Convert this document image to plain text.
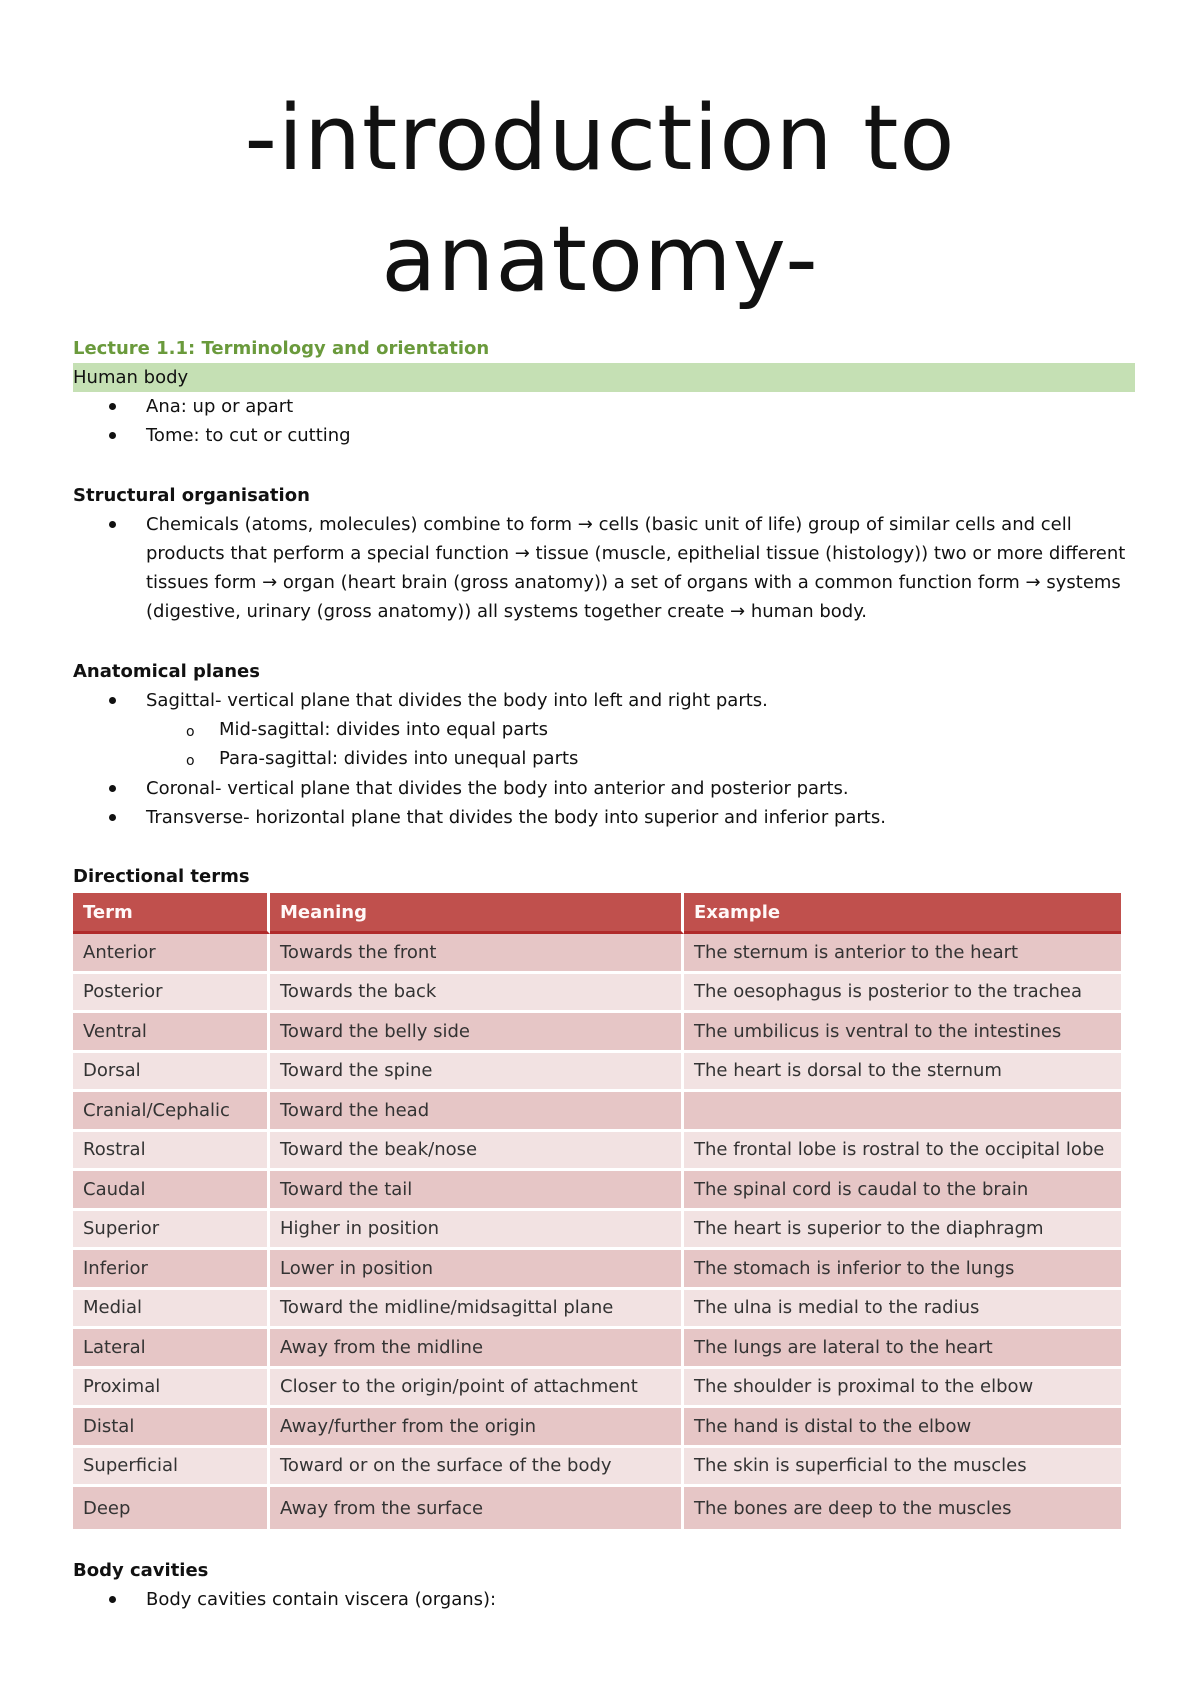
-introduction to
anatomy-
Lecture 1.1: Terminology and orientation
Human body
Ana: up or apart
Tome: to cut or cutting
Structural organisation
Chemicals (atoms, molecules) combine to form → cells (basic unit of life) group of similar cells and cell products that perform a special function → tissue (muscle, epithelial tissue (histology)) two or more different tissues form → organ (heart brain (gross anatomy)) a set of organs with a common function form → systems (digestive, urinary (gross anatomy)) all systems together create → human body.
Anatomical planes
Sagittal- vertical plane that divides the body into left and right parts.
o Mid-sagittal: divides into equal parts
o Para-sagittal: divides into unequal parts
Coronal- vertical plane that divides the body into anterior and posterior parts.
Transverse- horizontal plane that divides the body into superior and inferior parts.
Directional terms
Term	Meaning	Example
Anterior	Towards the front	The sternum is anterior to the heart
Posterior	Towards the back	The oesophagus is posterior to the trachea
Ventral	Toward the belly side	The umbilicus is ventral to the intestines
Dorsal	Toward the spine	The heart is dorsal to the sternum
Cranial/Cephalic	Toward the head	
Rostral	Toward the beak/nose	The frontal lobe is rostral to the occipital lobe
Caudal	Toward the tail	The spinal cord is caudal to the brain
Superior	Higher in position	The heart is superior to the diaphragm
Inferior	Lower in position	The stomach is inferior to the lungs
Medial	Toward the midline/midsagittal plane	The ulna is medial to the radius
Lateral	Away from the midline	The lungs are lateral to the heart
Proximal	Closer to the origin/point of attachment	The shoulder is proximal to the elbow
Distal	Away/further from the origin	The hand is distal to the elbow
Superficial	Toward or on the surface of the body	The skin is superficial to the muscles
Deep	Away from the surface	The bones are deep to the muscles
Body cavities
Body cavities contain viscera (organs):
